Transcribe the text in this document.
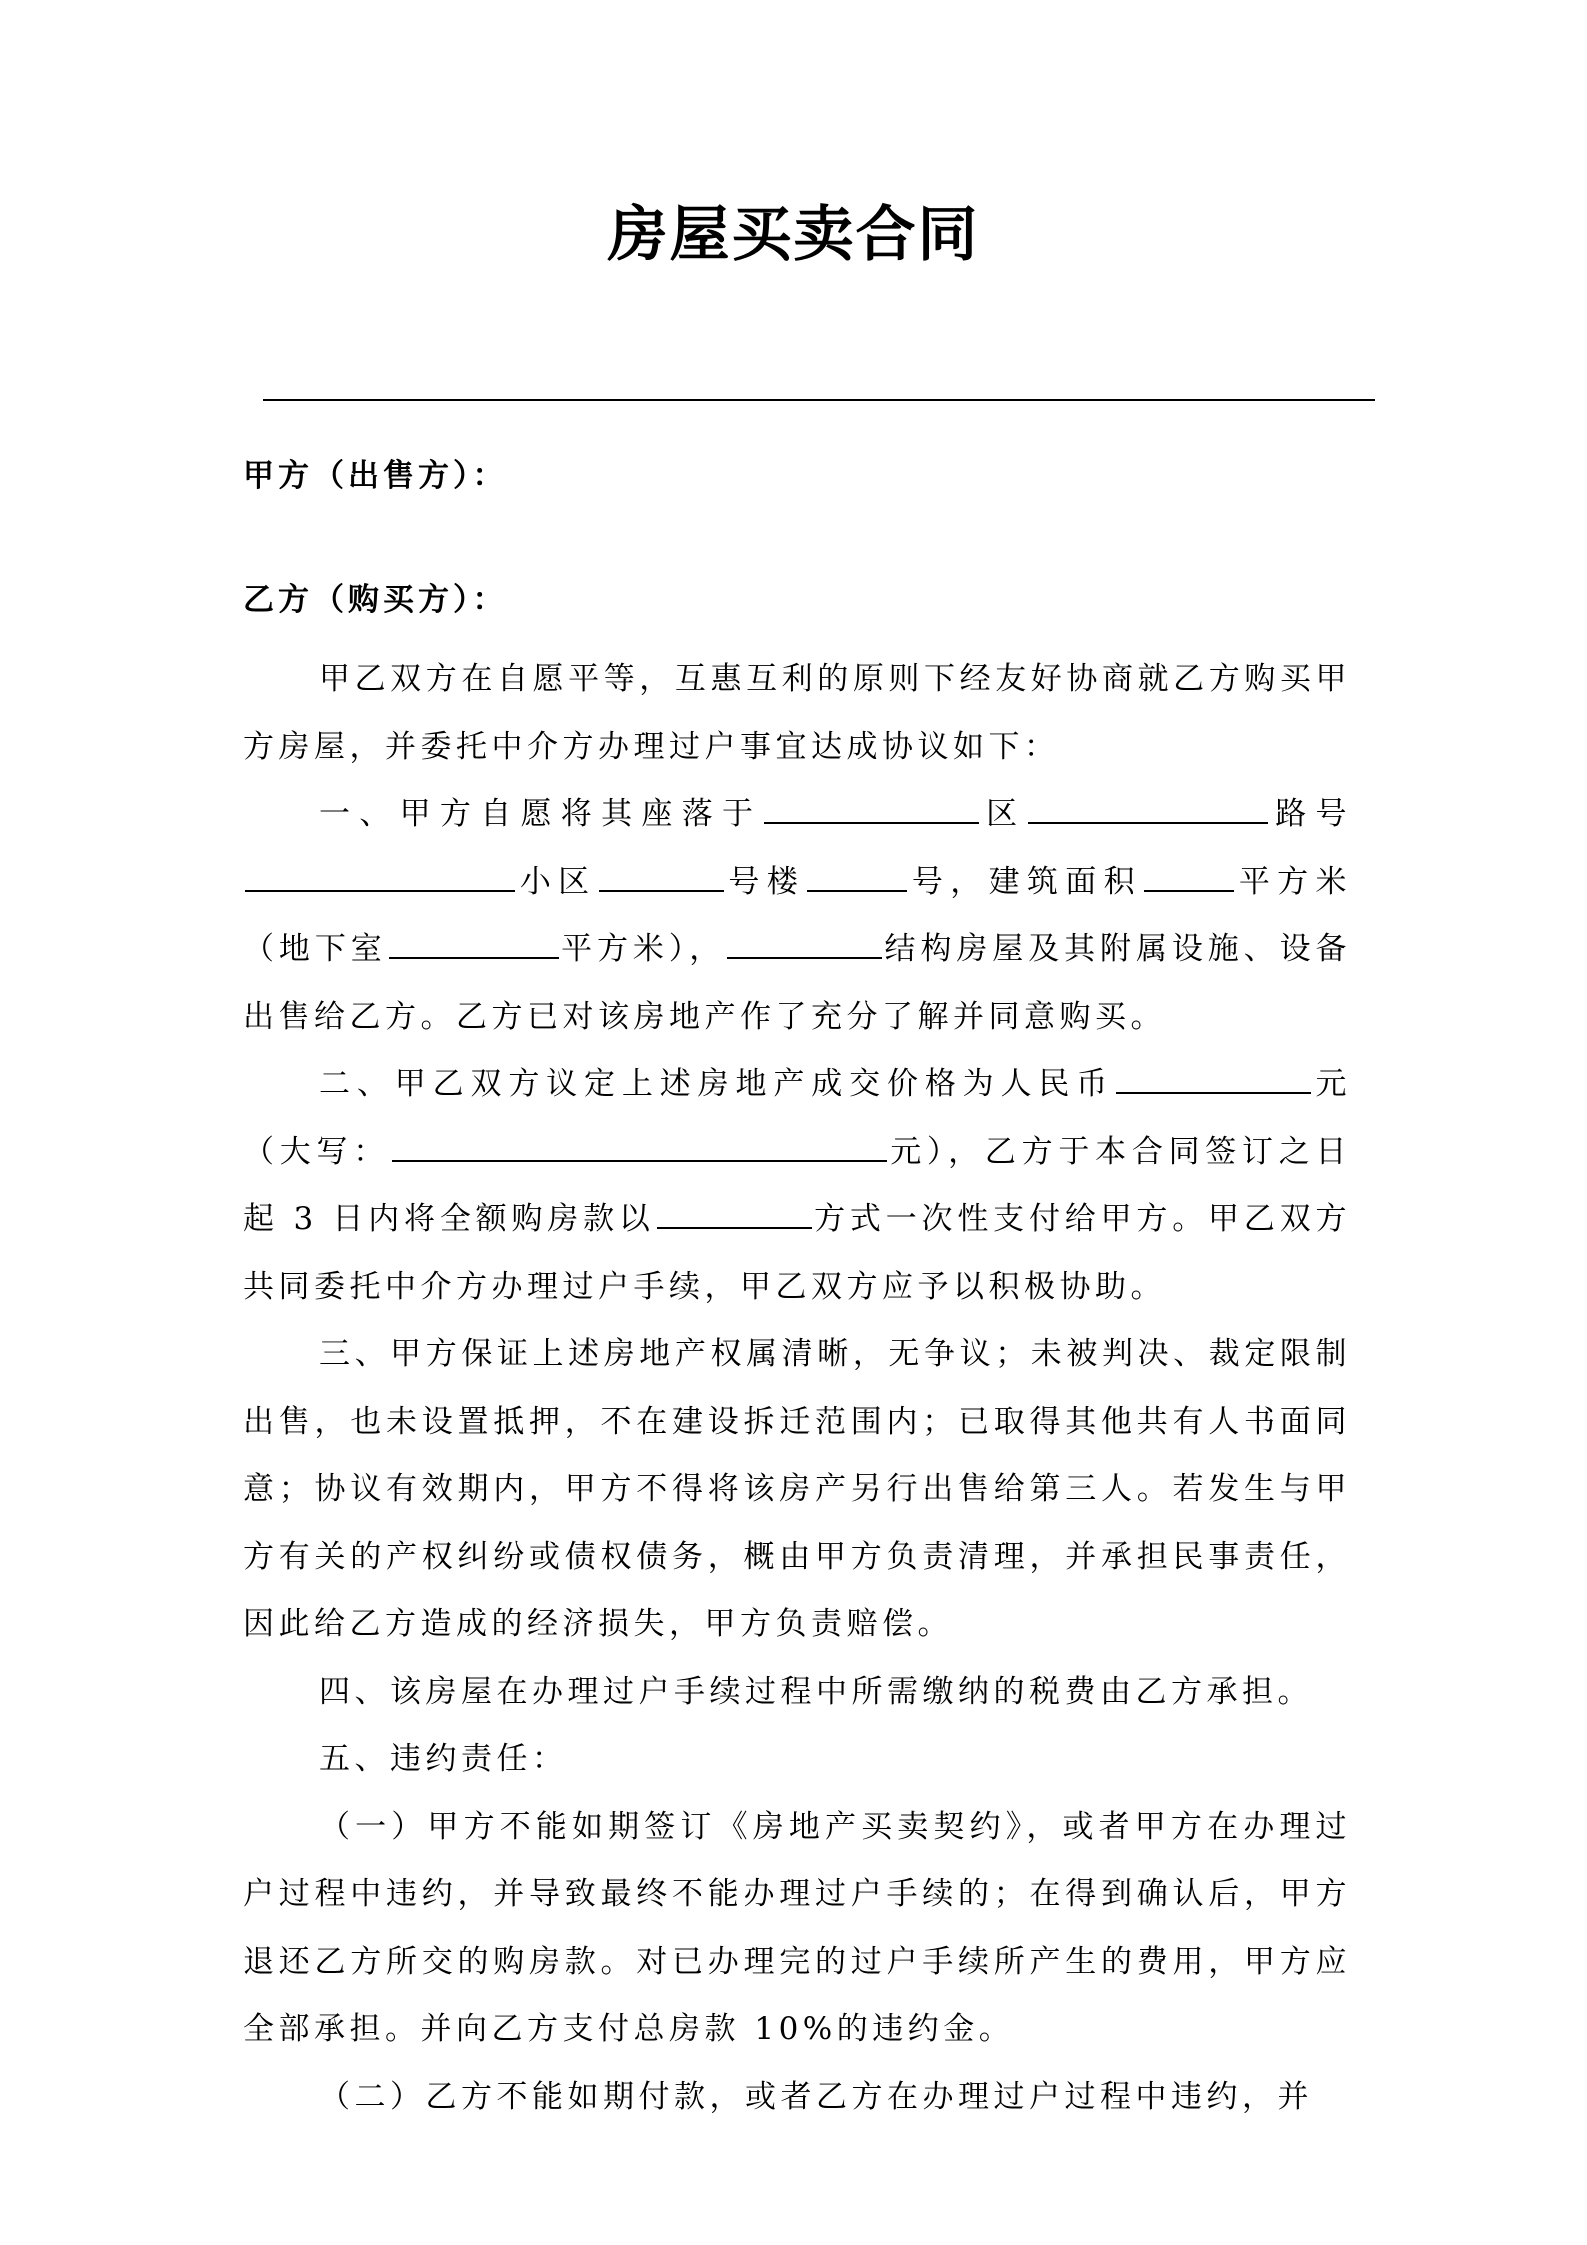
房屋买卖合同
甲方（出售方）：
乙方（购买方）：

甲乙双方在自愿平等，互惠互利的原则下经友好协商就乙方购买甲方房屋，并委托中介方办理过户事宜达成协议如下：

一、甲方自愿将其座落于	区	路号小区	号楼	号，建筑面积	平方米（地下室	平方米），	结构房屋及其附属设施、设备出售给乙方。乙方已对该房地产作了充分了解并同意购买。

二、甲乙双方议定上述房地产成交价格为人民币	元（大写：	元），乙方于本合同签订之日起 3 日内将全额购房款以	方式一次性支付给甲方。甲乙双方共同委托中介方办理过户手续，甲乙双方应予以积极协助。

三、甲方保证上述房地产权属清晰，无争议；未被判决、裁定限制出售，也未设置抵押，不在建设拆迁范围内；已取得其他共有人书面同意；协议有效期内，甲方不得将该房产另行出售给第三人。若发生与甲方有关的产权纠纷或债权债务，概由甲方负责清理，并承担民事责任，因此给乙方造成的经济损失，甲方负责赔偿。

四、该房屋在办理过户手续过程中所需缴纳的税费由乙方承担。

五、违约责任：

（一）甲方不能如期签订《房地产买卖契约》，或者甲方在办理过户过程中违约，并导致最终不能办理过户手续的；在得到确认后，甲方退还乙方所交的购房款。对已办理完的过户手续所产生的费用，甲方应全部承担。并向乙方支付总房款 10%的违约金。

（二）乙方不能如期付款，或者乙方在办理过户过程中违约，并
